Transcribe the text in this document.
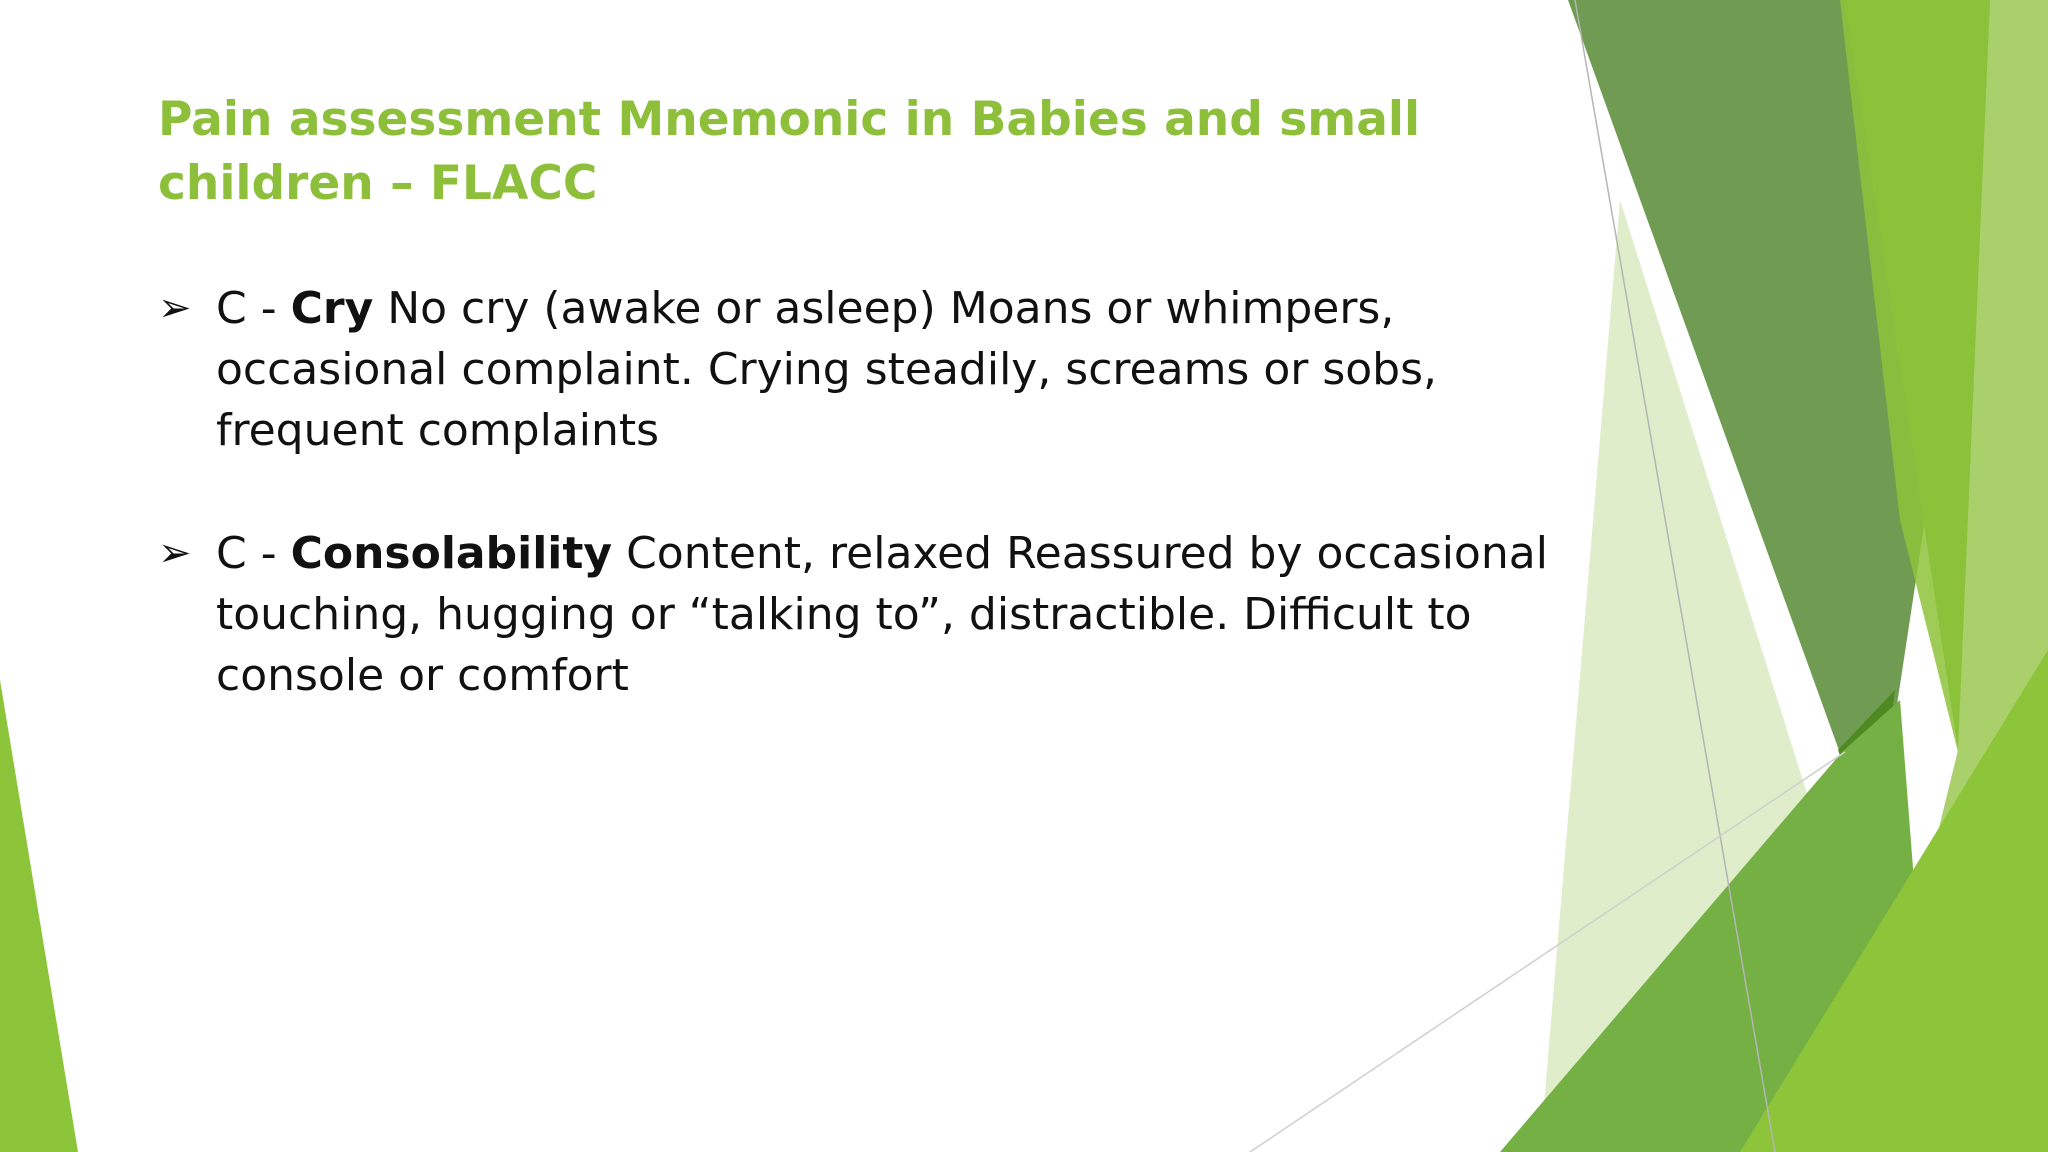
Pain assessment Mnemonic in Babies and small children – FLACC
➢ C - Cry No cry (awake or asleep) Moans or whimpers, occasional complaint. Crying steadily, screams or sobs, frequent complaints
➢ C - Consolability Content, relaxed Reassured by occasional touching, hugging or “talking to”, distractible. Difficult to console or comfort
